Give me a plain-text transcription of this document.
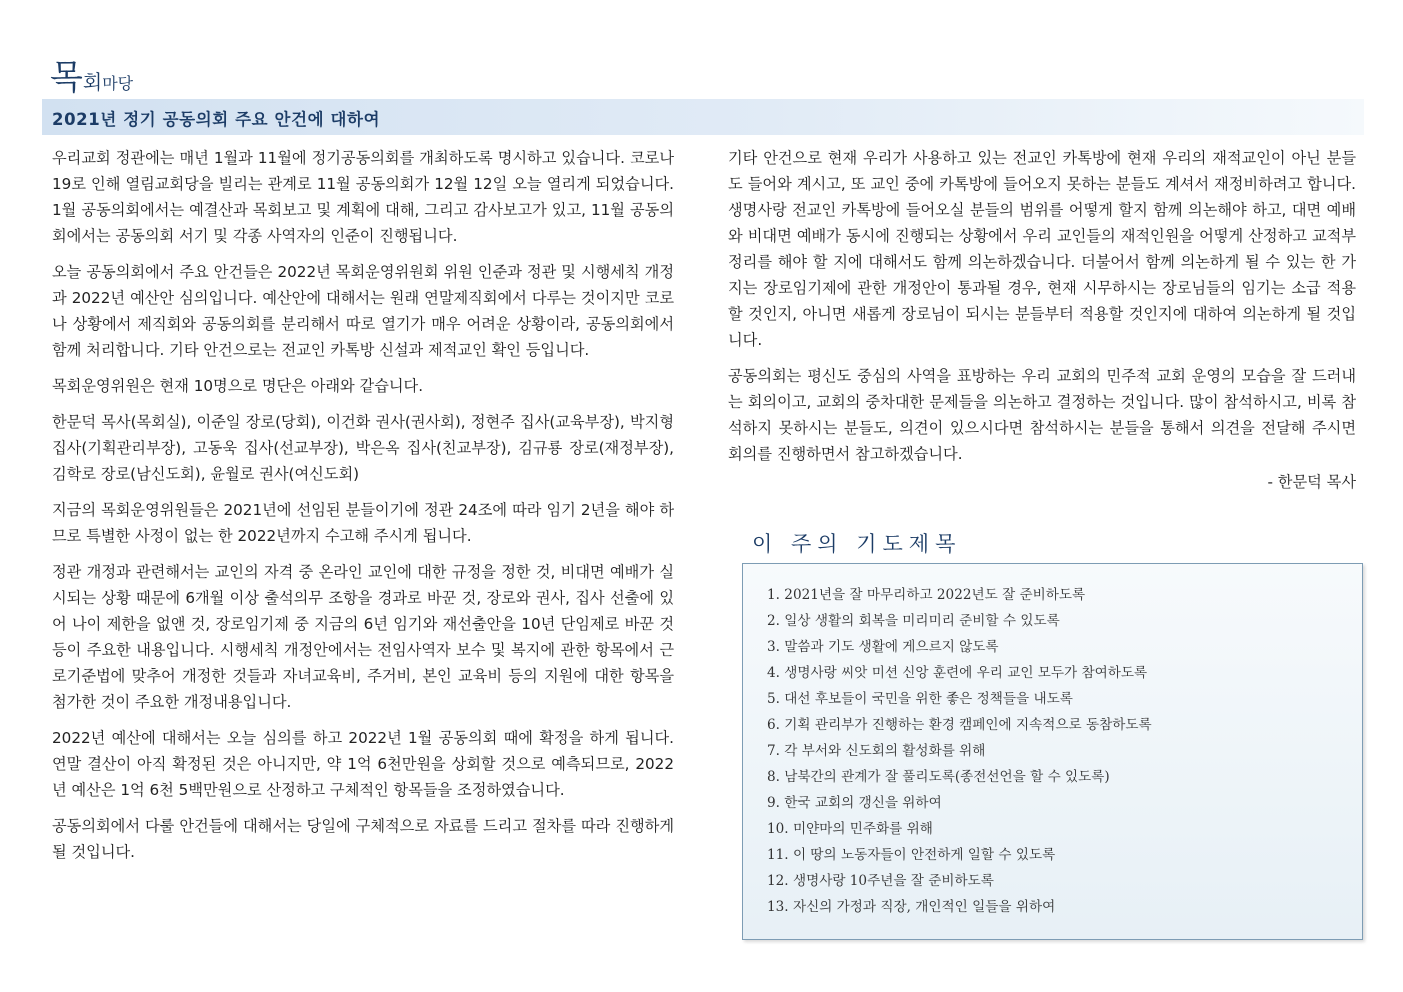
목회마당
2021년 정기 공동의회 주요 안건에 대하여

우리교회 정관에는 매년 1월과 11월에 정기공동의회를 개최하도록 명시하고 있습니다. 코로나 19로 인해 열림교회당을 빌리는 관계로 11월 공동의회가 12월 12일 오늘 열리게 되었습니다. 1월 공동의회에서는 예결산과 목회보고 및 계획에 대해, 그리고 감사보고가 있고, 11월 공동의회에서는 공동의회 서기 및 각종 사역자의 인준이 진행됩니다.

오늘 공동의회에서 주요 안건들은 2022년 목회운영위원회 위원 인준과 정관 및 시행세칙 개정과 2022년 예산안 심의입니다. 예산안에 대해서는 원래 연말제직회에서 다루는 것이지만 코로나 상황에서 제직회와 공동의회를 분리해서 따로 열기가 매우 어려운 상황이라, 공동의회에서 함께 처리합니다. 기타 안건으로는 전교인 카톡방 신설과 제적교인 확인 등입니다.

목회운영위원은 현재 10명으로 명단은 아래와 같습니다.

한문덕 목사(목회실), 이준일 장로(당회), 이건화 권사(권사회), 정현주 집사(교육부장), 박지형 집사(기획관리부장), 고동욱 집사(선교부장), 박은옥 집사(친교부장), 김규룡 장로(재정부장), 김학로 장로(남신도회), 윤월로 권사(여신도회)

지금의 목회운영위원들은 2021년에 선임된 분들이기에 정관 24조에 따라 임기 2년을 해야 하므로 특별한 사정이 없는 한 2022년까지 수고해 주시게 됩니다.

정관 개정과 관련해서는 교인의 자격 중 온라인 교인에 대한 규정을 정한 것, 비대면 예배가 실시되는 상황 때문에 6개월 이상 출석의무 조항을 경과로 바꾼 것, 장로와 권사, 집사 선출에 있어 나이 제한을 없앤 것, 장로임기제 중 지금의 6년 임기와 재선출안을 10년 단임제로 바꾼 것 등이 주요한 내용입니다. 시행세칙 개정안에서는 전임사역자 보수 및 복지에 관한 항목에서 근로기준법에 맞추어 개정한 것들과 자녀교육비, 주거비, 본인 교육비 등의 지원에 대한 항목을 첨가한 것이 주요한 개정내용입니다.

2022년 예산에 대해서는 오늘 심의를 하고 2022년 1월 공동의회 때에 확정을 하게 됩니다. 연말 결산이 아직 확정된 것은 아니지만, 약 1억 6천만원을 상회할 것으로 예측되므로, 2022년 예산은 1억 6천 5백만원으로 산정하고 구체적인 항목들을 조정하였습니다.

공동의회에서 다룰 안건들에 대해서는 당일에 구체적으로 자료를 드리고 절차를 따라 진행하게 될 것입니다.

기타 안건으로 현재 우리가 사용하고 있는 전교인 카톡방에 현재 우리의 재적교인이 아닌 분들도 들어와 계시고, 또 교인 중에 카톡방에 들어오지 못하는 분들도 계셔서 재정비하려고 합니다. 생명사랑 전교인 카톡방에 들어오실 분들의 범위를 어떻게 할지 함께 의논해야 하고, 대면 예배와 비대면 예배가 동시에 진행되는 상황에서 우리 교인들의 재적인원을 어떻게 산정하고 교적부 정리를 해야 할 지에 대해서도 함께 의논하겠습니다. 더불어서 함께 의논하게 될 수 있는 한 가지는 장로임기제에 관한 개정안이 통과될 경우, 현재 시무하시는 장로님들의 임기는 소급 적용할 것인지, 아니면 새롭게 장로님이 되시는 분들부터 적용할 것인지에 대하여 의논하게 될 것입니다.

공동의회는 평신도 중심의 사역을 표방하는 우리 교회의 민주적 교회 운영의 모습을 잘 드러내는 회의이고, 교회의 중차대한 문제들을 의논하고 결정하는 것입니다. 많이 참석하시고, 비록 참석하지 못하시는 분들도, 의견이 있으시다면 참석하시는 분들을 통해서 의견을 전달해 주시면 회의를 진행하면서 참고하겠습니다.

- 한문덕 목사

이 주의 기도제목
1. 2021년을 잘 마무리하고 2022년도 잘 준비하도록
2. 일상 생활의 회복을 미리미리 준비할 수 있도록
3. 말씀과 기도 생활에 게으르지 않도록
4. 생명사랑 씨앗 미션 신앙 훈련에 우리 교인 모두가 참여하도록
5. 대선 후보들이 국민을 위한 좋은 정책들을 내도록
6. 기획 관리부가 진행하는 환경 캠페인에 지속적으로 동참하도록
7. 각 부서와 신도회의 활성화를 위해
8. 남북간의 관계가 잘 풀리도록(종전선언을 할 수 있도록)
9. 한국 교회의 갱신을 위하여
10. 미얀마의 민주화를 위해
11. 이 땅의 노동자들이 안전하게 일할 수 있도록
12. 생명사랑 10주년을 잘 준비하도록
13. 자신의 가정과 직장, 개인적인 일들을 위하여
